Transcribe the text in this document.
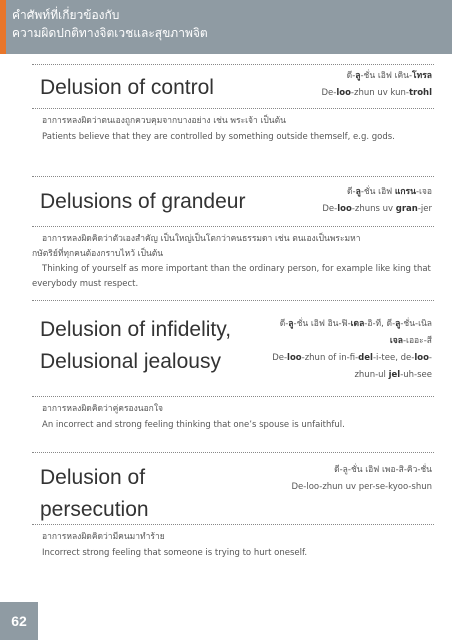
คำศัพท์ที่เกี่ยวข้องกับ
ความผิดปกติทางจิตเวชและสุขภาพจิต
Delusion of control	ดี-ลู-ชั่น เอิฟ เคิน-โทรล
De-loo-zhun uv kun-trohl
อาการหลงผิดว่าตนเองถูกควบคุมจากบางอย่าง เช่น พระเจ้า เป็นต้น
Patients believe that they are controlled by something outside themself, e.g. gods.
Delusions of grandeur	ดี-ลู-ชั่น เอิฟ แกรน-เจอ
De-loo-zhuns uv gran-jer
อาการหลงผิดคิดว่าตัวเองสำคัญ เป็นใหญ่เป็นโตกว่าคนธรรมดา เช่น ตนเองเป็นพระมหา
กษัตริย์ที่ทุกคนต้องกราบไหว้ เป็นต้น
Thinking of yourself as more important than the ordinary person, for example like king that everybody must respect.
Delusion of infidelity,
Delusional jealousy
ดี-ลู-ชั่น เอิฟ อิน-ฟิ-เดล-อิ-ที, ดี-ลู-ชั่น-เนิล เจล-เออะ-สี
De-loo-zhun of in-fi-del-i-tee, de-loo-zhun-ul jel-uh-see
อาการหลงผิดคิดว่าคู่ครองนอกใจ
An incorrect and strong feeling thinking that one’s spouse is unfaithful.
Delusion of
persecution
ดี-ลู-ชั่น เอิฟ เพอ-สิ-คิว-ชั่น
De-loo-zhun uv per-se-kyoo-shun
อาการหลงผิดคิดว่ามีคนมาทำร้าย
Incorrect strong feeling that someone is trying to hurt oneself.
62
